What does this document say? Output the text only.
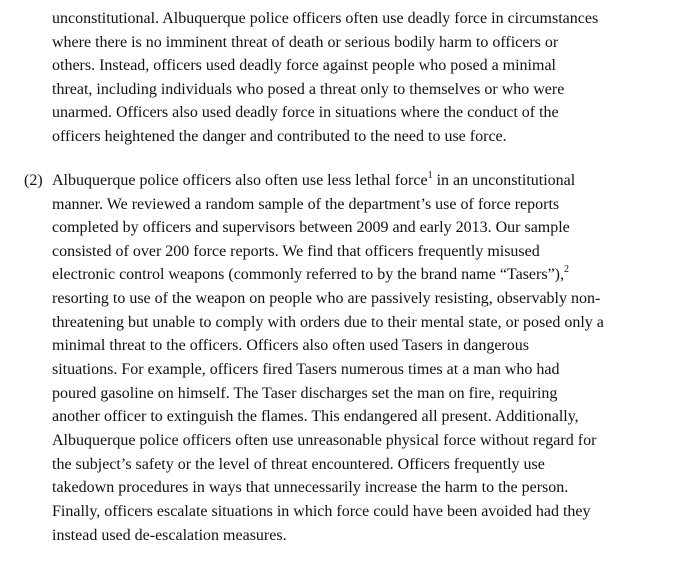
unconstitutional. Albuquerque police officers often use deadly force in circumstances
where there is no imminent threat of death or serious bodily harm to officers or
others. Instead, officers used deadly force against people who posed a minimal
threat, including individuals who posed a threat only to themselves or who were
unarmed. Officers also used deadly force in situations where the conduct of the
officers heightened the danger and contributed to the need to use force.
(2) Albuquerque police officers also often use less lethal force$^1$ in an unconstitutional
manner. We reviewed a random sample of the department’s use of force reports
completed by officers and supervisors between 2009 and early 2013. Our sample
consisted of over 200 force reports. We find that officers frequently misused
electronic control weapons (commonly referred to by the brand name “Tasers”),$^2$
resorting to use of the weapon on people who are passively resisting, observably non-
threatening but unable to comply with orders due to their mental state, or posed only a
minimal threat to the officers. Officers also often used Tasers in dangerous
situations. For example, officers fired Tasers numerous times at a man who had
poured gasoline on himself. The Taser discharges set the man on fire, requiring
another officer to extinguish the flames. This endangered all present. Additionally,
Albuquerque police officers often use unreasonable physical force without regard for
the subject’s safety or the level of threat encountered. Officers frequently use
takedown procedures in ways that unnecessarily increase the harm to the person.
Finally, officers escalate situations in which force could have been avoided had they
instead used de-escalation measures.
